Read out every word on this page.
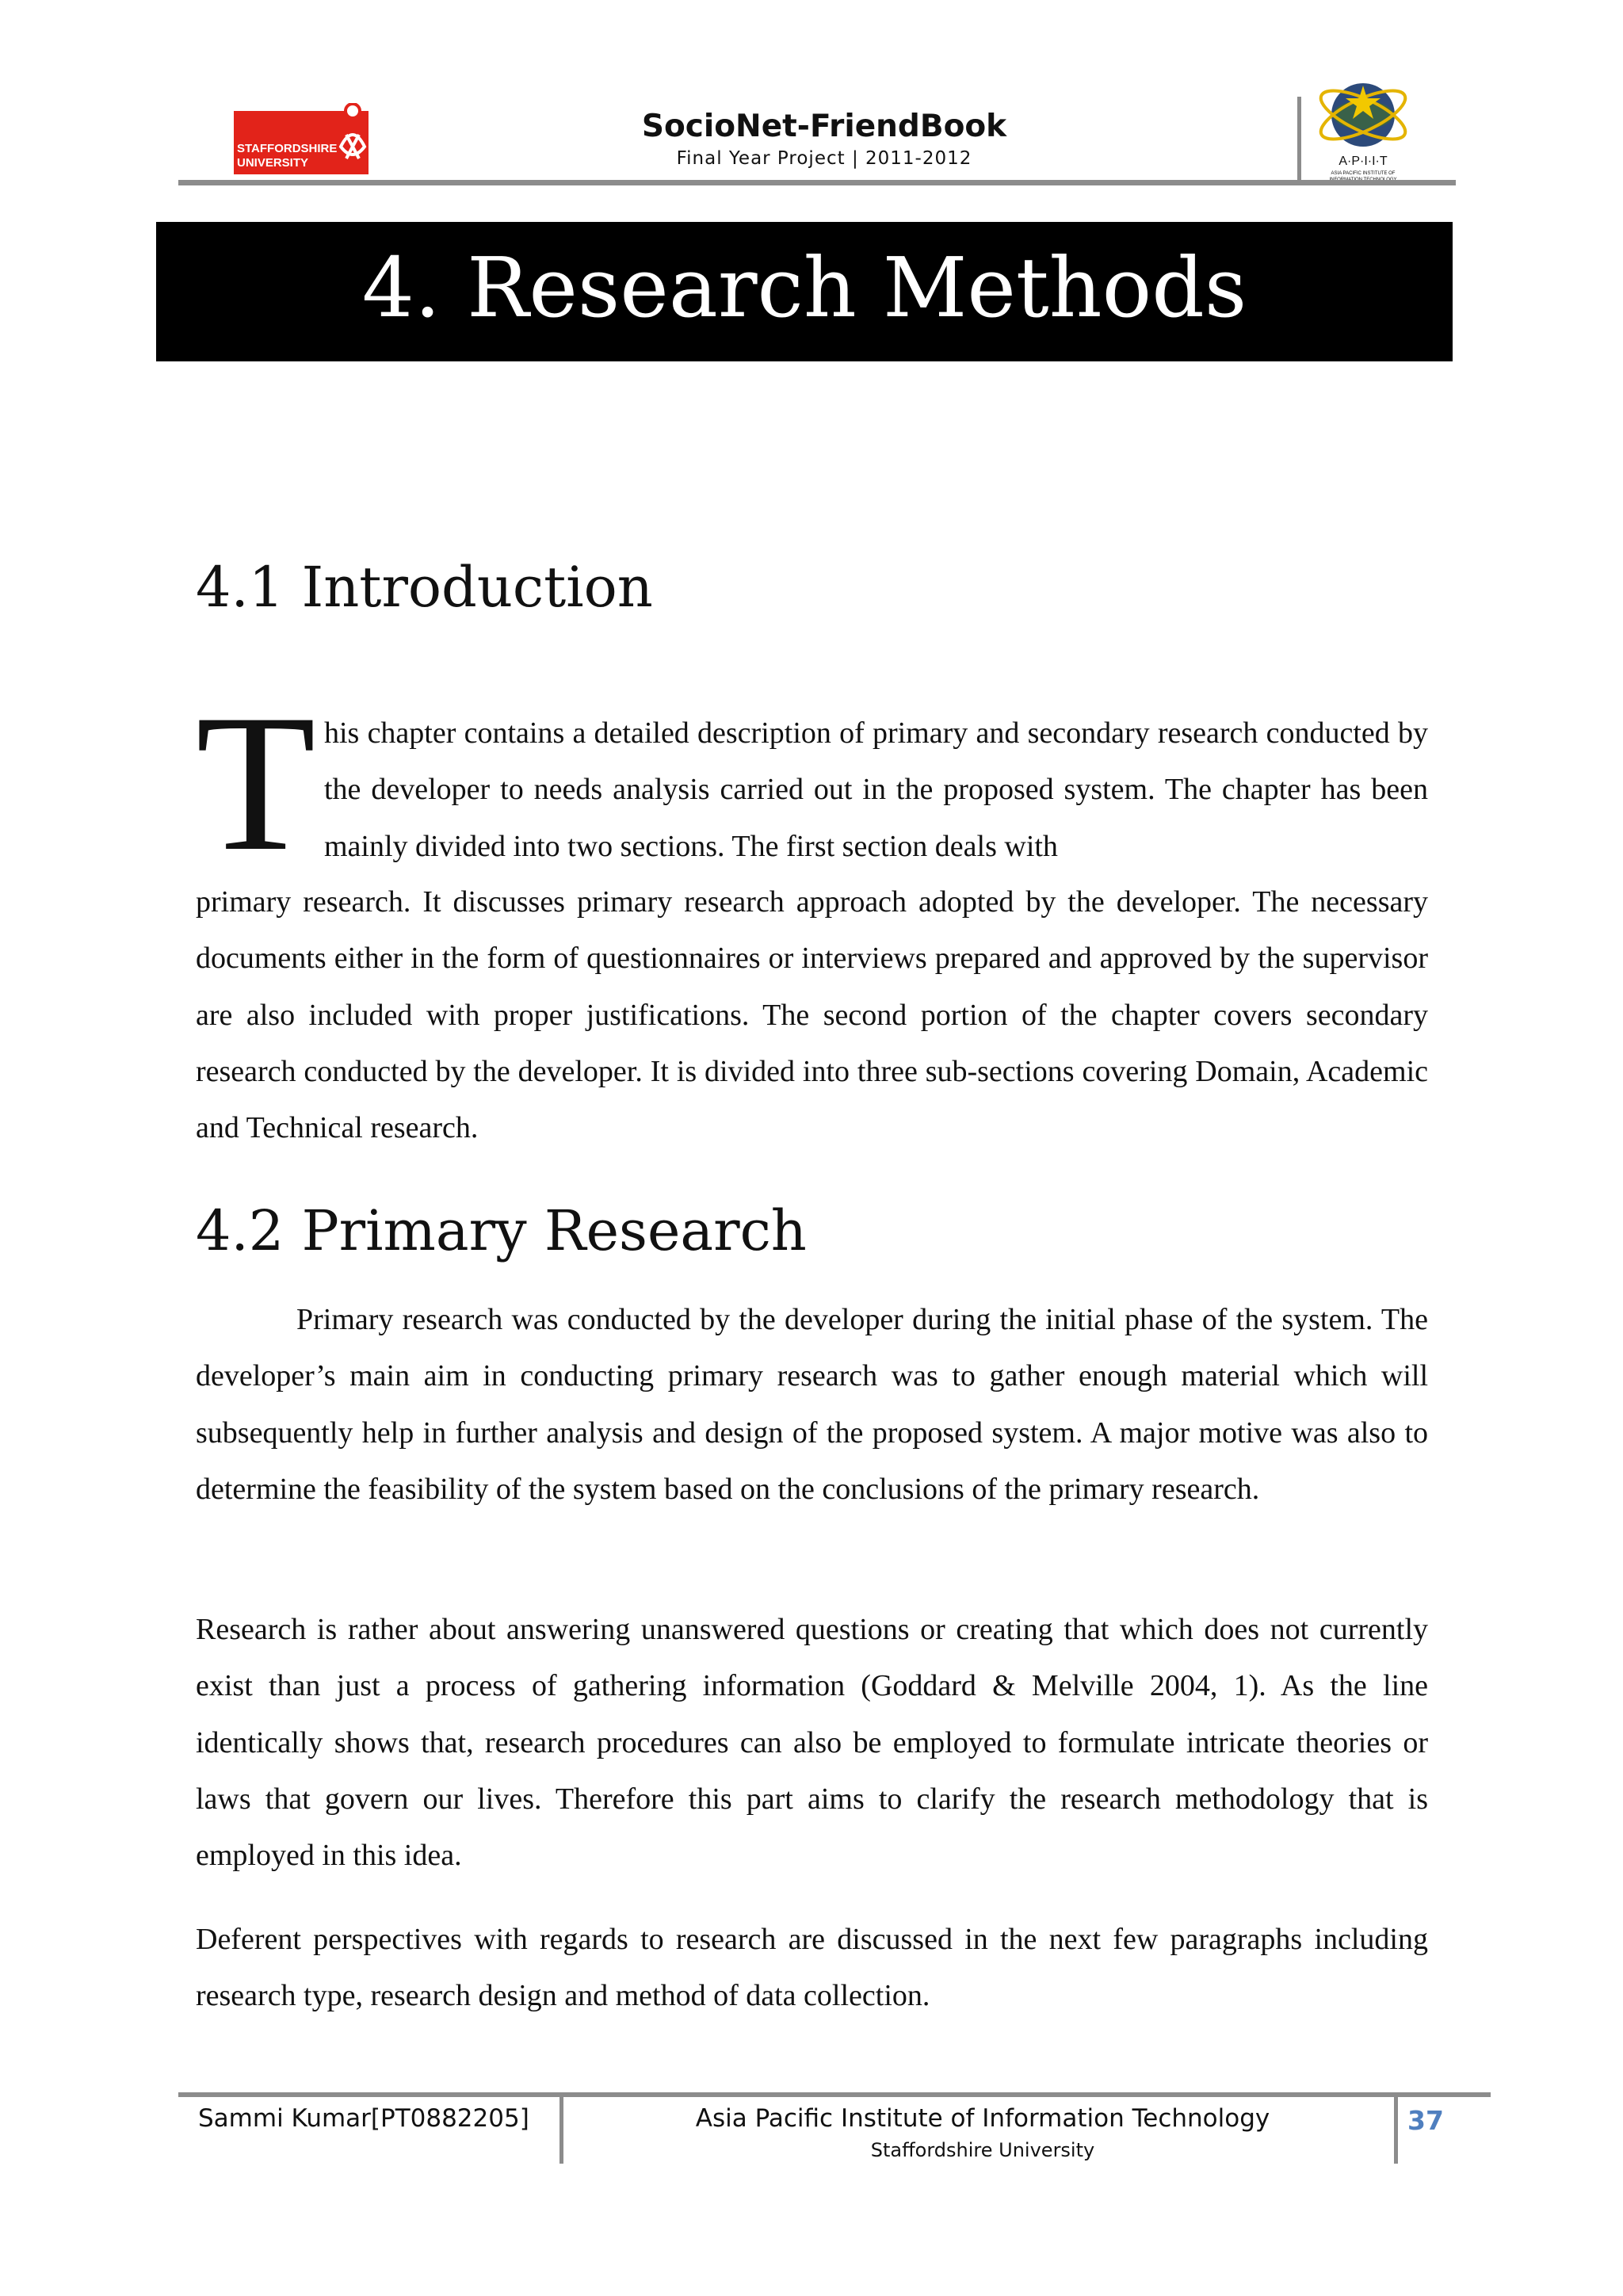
STAFFORDSHIRE
UNIVERSITY
SocioNet-FriendBook
Final Year Project | 2011-2012	A·P·I·I·T
ASIA PACIFIC INSTITUTE OF
4. Research Methods
4.1 Introduction
T his chapter contains a detailed description of primary and secondary research conducted by the developer to needs analysis carried out in the proposed system. The chapter has been mainly divided into two sections. The first section deals with
primary research. It discusses primary research approach adopted by the developer. The necessary documents either in the form of questionnaires or interviews prepared and approved by the supervisor are also included with proper justifications. The second portion of the chapter covers secondary research conducted by the developer. It is divided into three sub-sections covering Domain, Academic and Technical research.
4.2 Primary Research
Primary research was conducted by the developer during the initial phase of the system. The developer’s main aim in conducting primary research was to gather enough material which will subsequently help in further analysis and design of the proposed system. A major motive was also to determine the feasibility of the system based on the conclusions of the primary research.
Research is rather about answering unanswered questions or creating that which does not currently exist than just a process of gathering information (Goddard & Melville 2004, 1). As the line identically shows that, research procedures can also be employed to formulate intricate theories or laws that govern our lives. Therefore this part aims to clarify the research methodology that is employed in this idea.
Deferent perspectives with regards to research are discussed in the next few paragraphs including research type, research design and method of data collection.
Sammi Kumar[PT0882205]	Asia Pacific Institute of Information Technology
Staffordshire University
37
